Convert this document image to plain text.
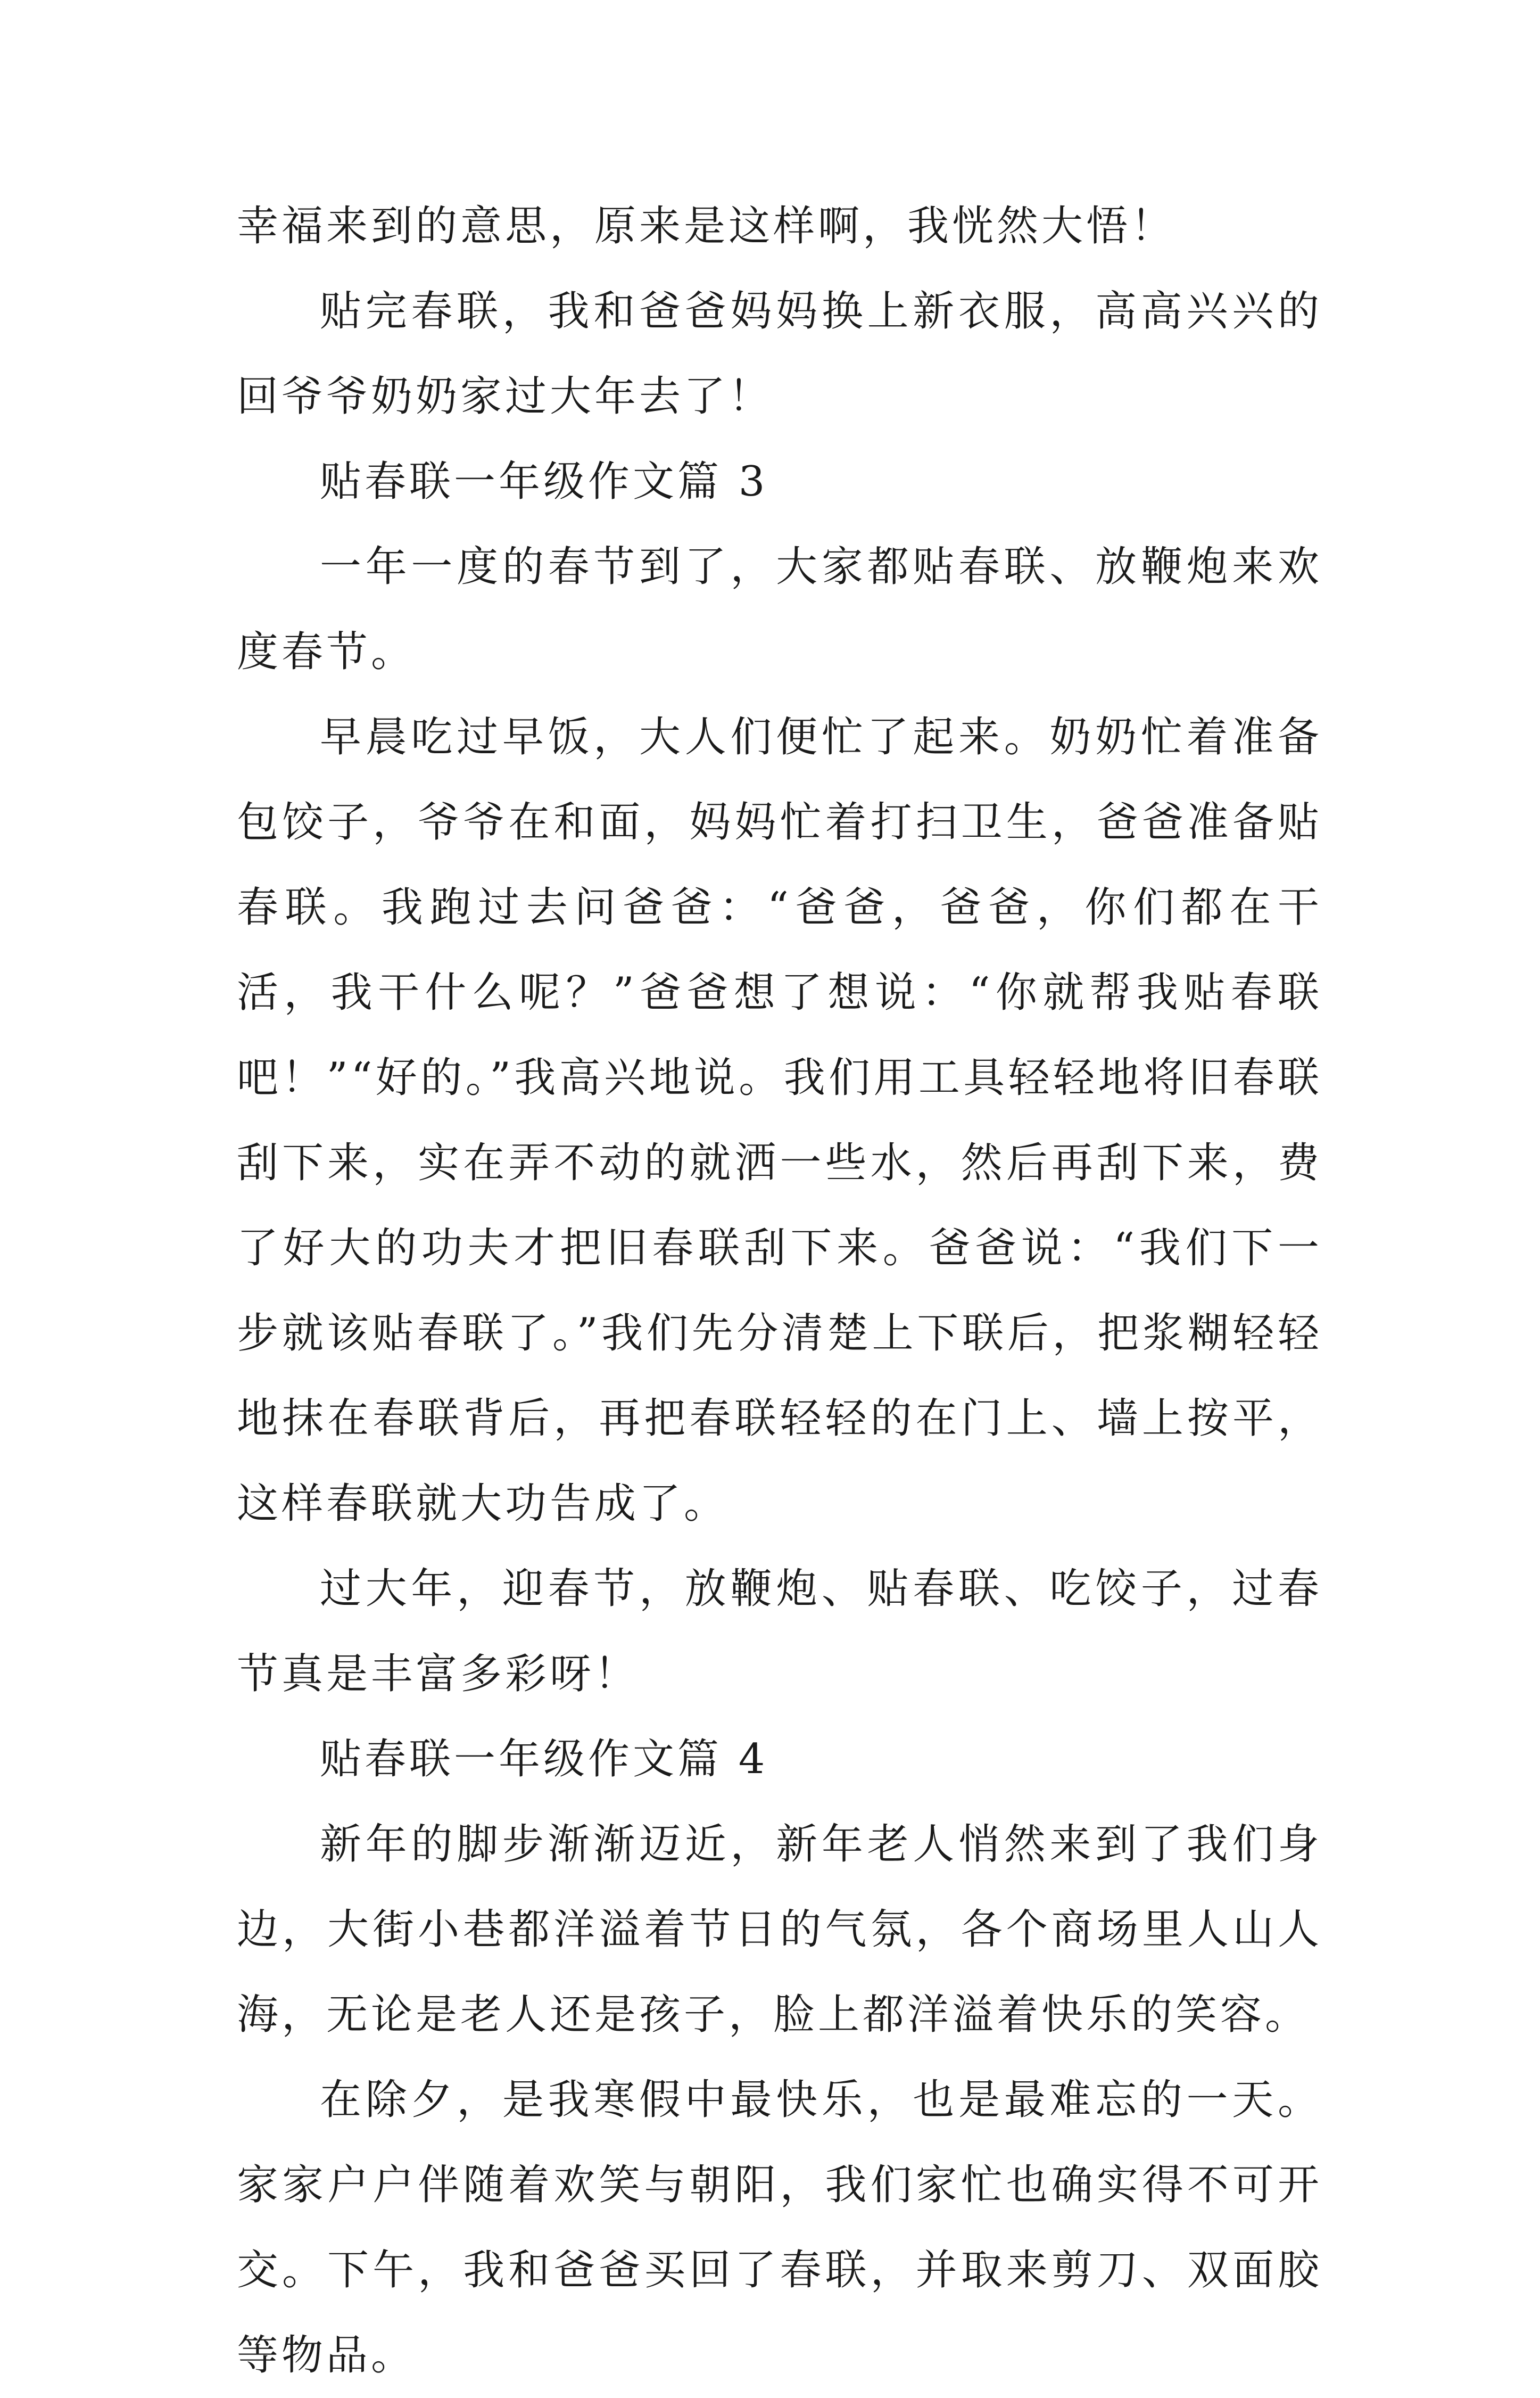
幸福来到的意思，原来是这样啊，我恍然大悟！

贴完春联，我和爸爸妈妈换上新衣服，高高兴兴的回爷爷奶奶家过大年去了！

贴春联一年级作文篇 3

一年一度的春节到了，大家都贴春联、放鞭炮来欢度春节。

早晨吃过早饭，大人们便忙了起来。奶奶忙着准备包饺子，爷爷在和面，妈妈忙着打扫卫生，爸爸准备贴春联。我跑过去问爸爸：“爸爸，爸爸，你们都在干活，我干什么呢？”爸爸想了想说：“你就帮我贴春联吧！”“好的。”我高兴地说。我们用工具轻轻地将旧春联刮下来，实在弄不动的就洒一些水，然后再刮下来，费了好大的功夫才把旧春联刮下来。爸爸说：“我们下一步就该贴春联了。”我们先分清楚上下联后，把浆糊轻轻地抹在春联背后，再把春联轻轻的在门上、墙上按平，这样春联就大功告成了。

过大年，迎春节，放鞭炮、贴春联、吃饺子，过春节真是丰富多彩呀！

贴春联一年级作文篇 4

新年的脚步渐渐迈近，新年老人悄然来到了我们身边，大街小巷都洋溢着节日的气氛，各个商场里人山人海，无论是老人还是孩子，脸上都洋溢着快乐的笑容。

在除夕，是我寒假中最快乐，也是最难忘的一天。家家户户伴随着欢笑与朝阳，我们家忙也确实得不可开交。下午，我和爸爸买回了春联，并取来剪刀、双面胶等物品。
